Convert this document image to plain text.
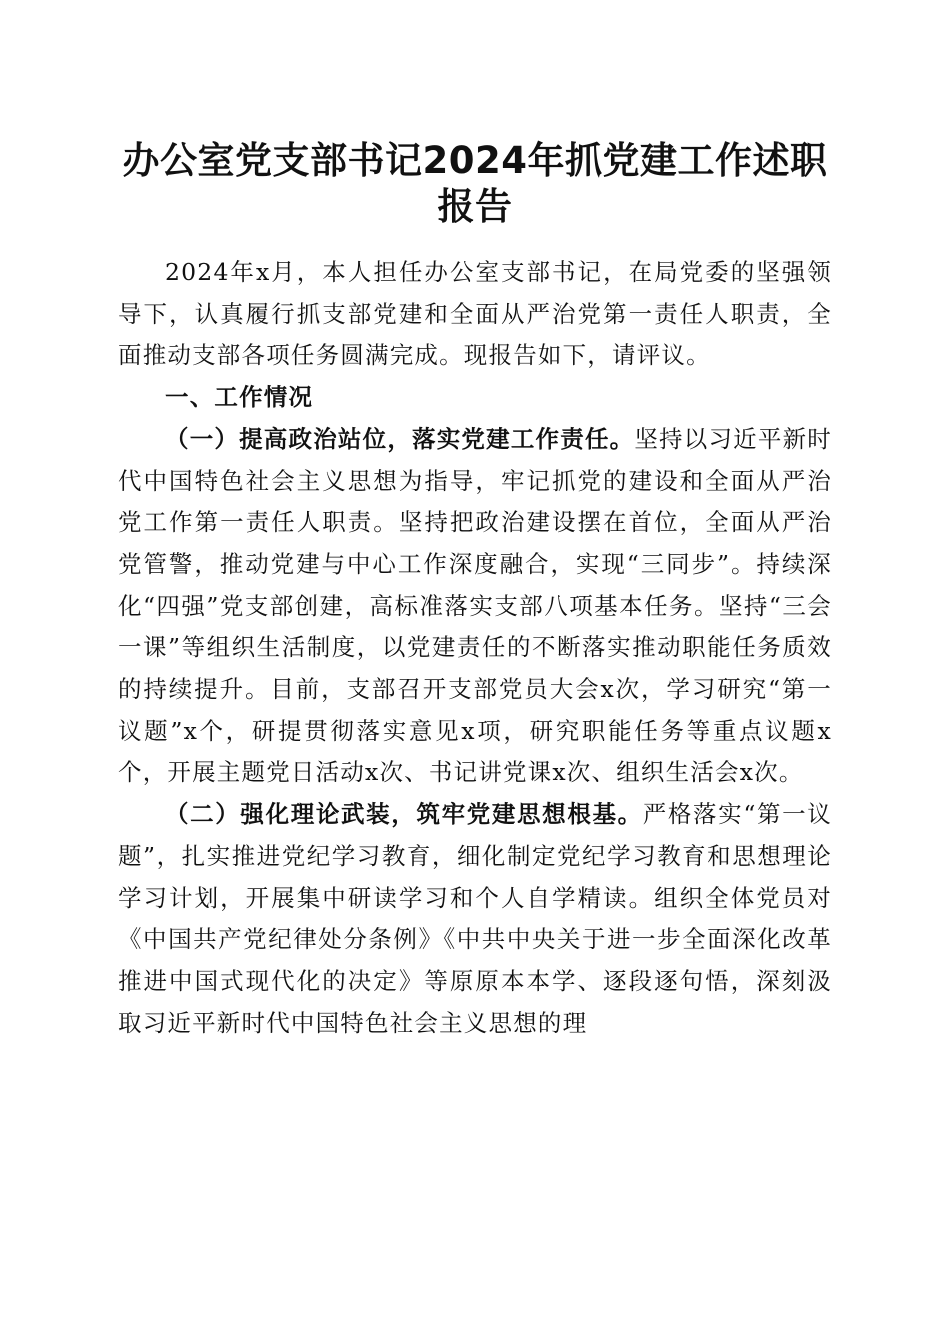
办公室党支部书记2024年抓党建工作述职报告

2024年x月，本人担任办公室支部书记，在局党委的坚强领导下，认真履行抓支部党建和全面从严治党第一责任人职责，全面推动支部各项任务圆满完成。现报告如下，请评议。

一、工作情况

（一）提高政治站位，落实党建工作责任。坚持以习近平新时代中国特色社会主义思想为指导，牢记抓党的建设和全面从严治党工作第一责任人职责。坚持把政治建设摆在首位，全面从严治党管警，推动党建与中心工作深度融合，实现“三同步”。持续深化“四强”党支部创建，高标准落实支部八项基本任务。坚持“三会一课”等组织生活制度，以党建责任的不断落实推动职能任务质效的持续提升。目前，支部召开支部党员大会x次，学习研究“第一议题”x个，研提贯彻落实意见x项，研究职能任务等重点议题x个，开展主题党日活动x次、书记讲党课x次、组织生活会x次。

（二）强化理论武装，筑牢党建思想根基。严格落实“第一议题”，扎实推进党纪学习教育，细化制定党纪学习教育和思想理论学习计划，开展集中研读学习和个人自学精读。组织全体党员对《中国共产党纪律处分条例》《中共中央关于进一步全面深化改革推进中国式现代化的决定》等原原本本学、逐段逐句悟，深刻汲取习近平新时代中国特色社会主义思想的理
